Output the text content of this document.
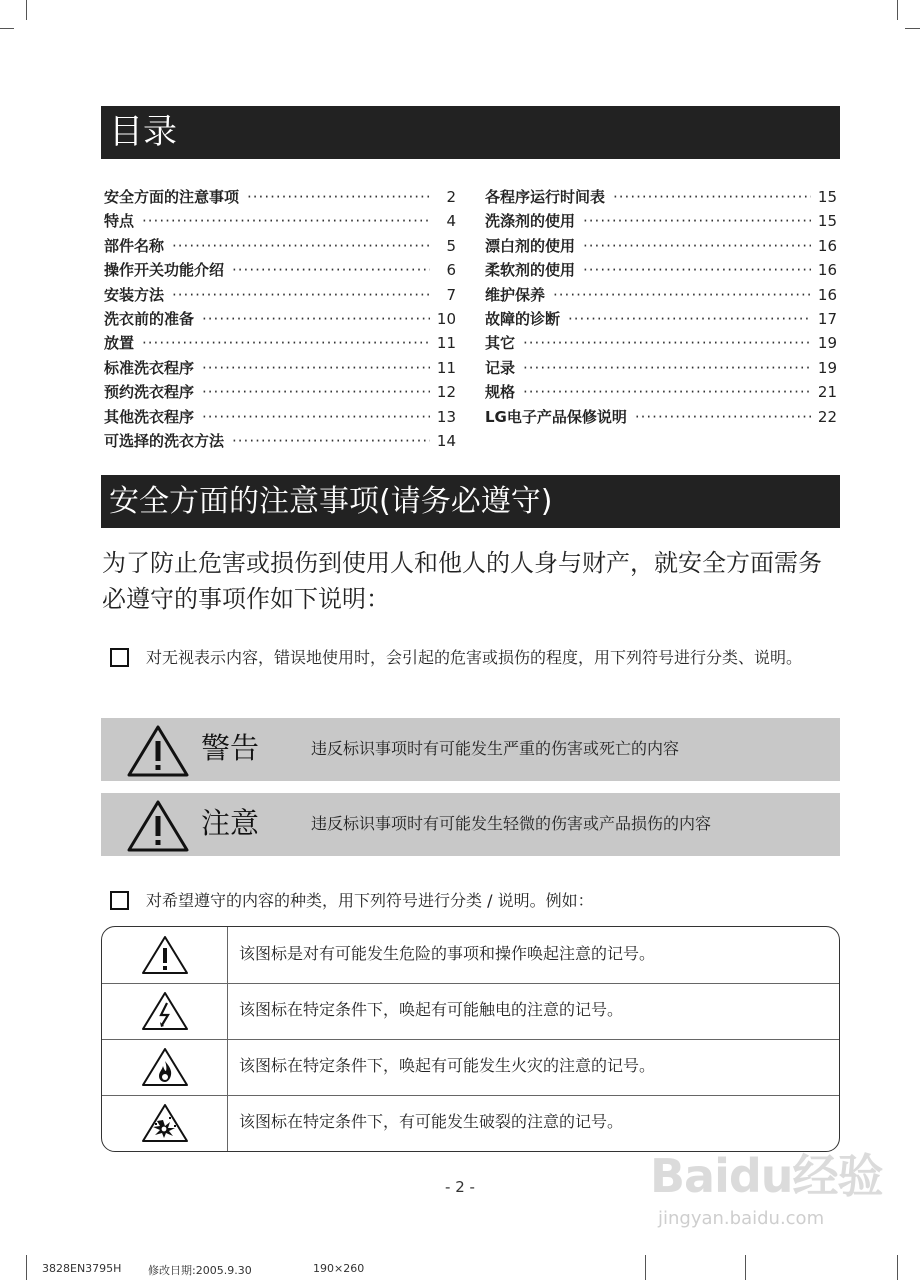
目录
安全方面的注意事项 ·····	2
特点 ·····	4
部件名称 ·····	5
操作开关功能介绍 ·····	6
安装方法 ·····	7
洗衣前的准备 ·····	10
放置 ·····	11
标准洗衣程序 ·····	11
预约洗衣程序 ·····	12
其他洗衣程序 ·····	13
可选择的洗衣方法 ·····	14
各程序运行时间表 ·····	15
洗涤剂的使用 ·····	15
漂白剂的使用 ·····	16
柔软剂的使用 ·····	16
维护保养 ·····	16
故障的诊断 ·····	17
其它 ·····	19
记录 ·····	19
规格 ·····	21
LG电子产品保修说明 ·····	22
安全方面的注意事项(请务必遵守)
为了防止危害或损伤到使用人和他人的人身与财产，就安全方面需务必遵守的事项作如下说明：
对无视表示内容，错误地使用时，会引起的危害或损伤的程度，用下列符号进行分类、说明。
警告	违反标识事项时有可能发生严重的伤害或死亡的内容
注意	违反标识事项时有可能发生轻微的伤害或产品损伤的内容
对希望遵守的内容的种类，用下列符号进行分类 / 说明。例如：
该图标是对有可能发生危险的事项和操作唤起注意的记号。
该图标在特定条件下，唤起有可能触电的注意的记号。
该图标在特定条件下，唤起有可能发生火灾的注意的记号。
该图标在特定条件下，有可能发生破裂的注意的记号。
- 2 -	Baidu经验
jingyan.baidu.com
3828EN3795H 修改日期:2005.9.30	190×260
